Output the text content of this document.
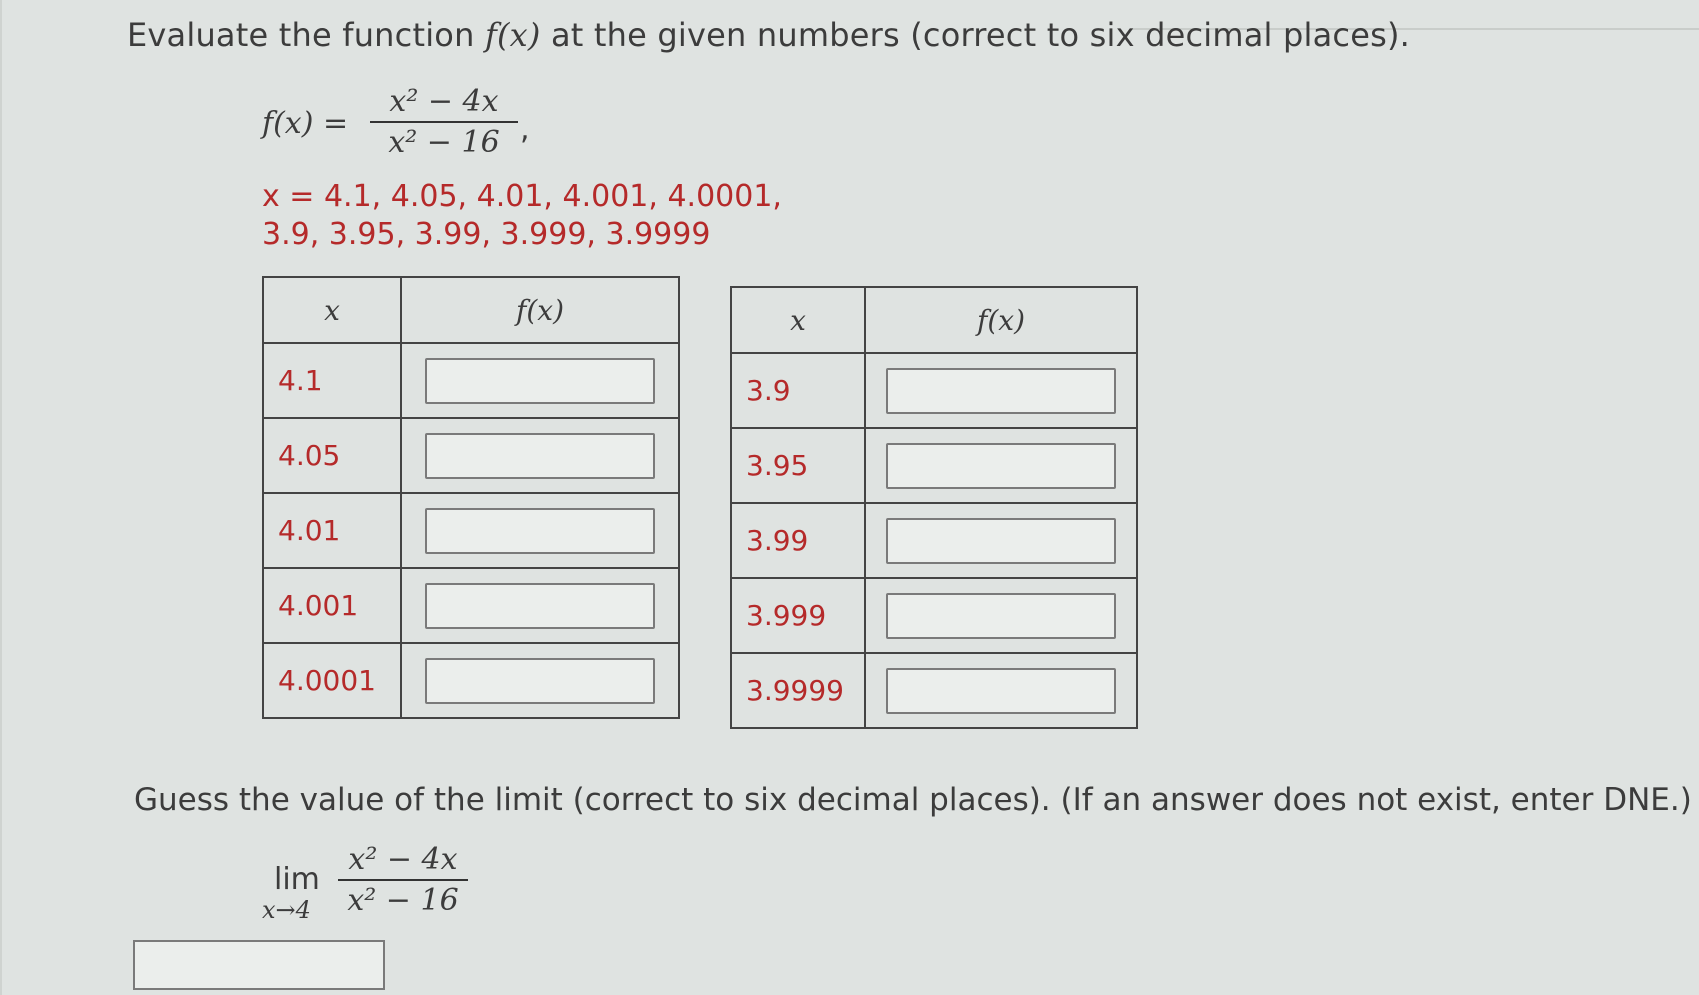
Evaluate the function f(x) at the given numbers (correct to six decimal places).
$f(x) = \frac{\text{x² − 4x}}{\text{x² − 16}}$ ,
x = 4.1, 4.05, 4.01, 4.001, 4.0001,
3.9, 3.95, 3.99, 3.999, 3.9999
x	f(x)
4.1	
4.05	
4.01	
4.001	
4.0001	
x	f(x)
3.9	
3.95	
3.99	
3.999	
3.9999	
Guess the value of the limit (correct to six decimal places). (If an answer does not exist, enter DNE.)
lim
$x\to 4 \frac{\text{x² − 4x}}{\text{x² − 16}}$
